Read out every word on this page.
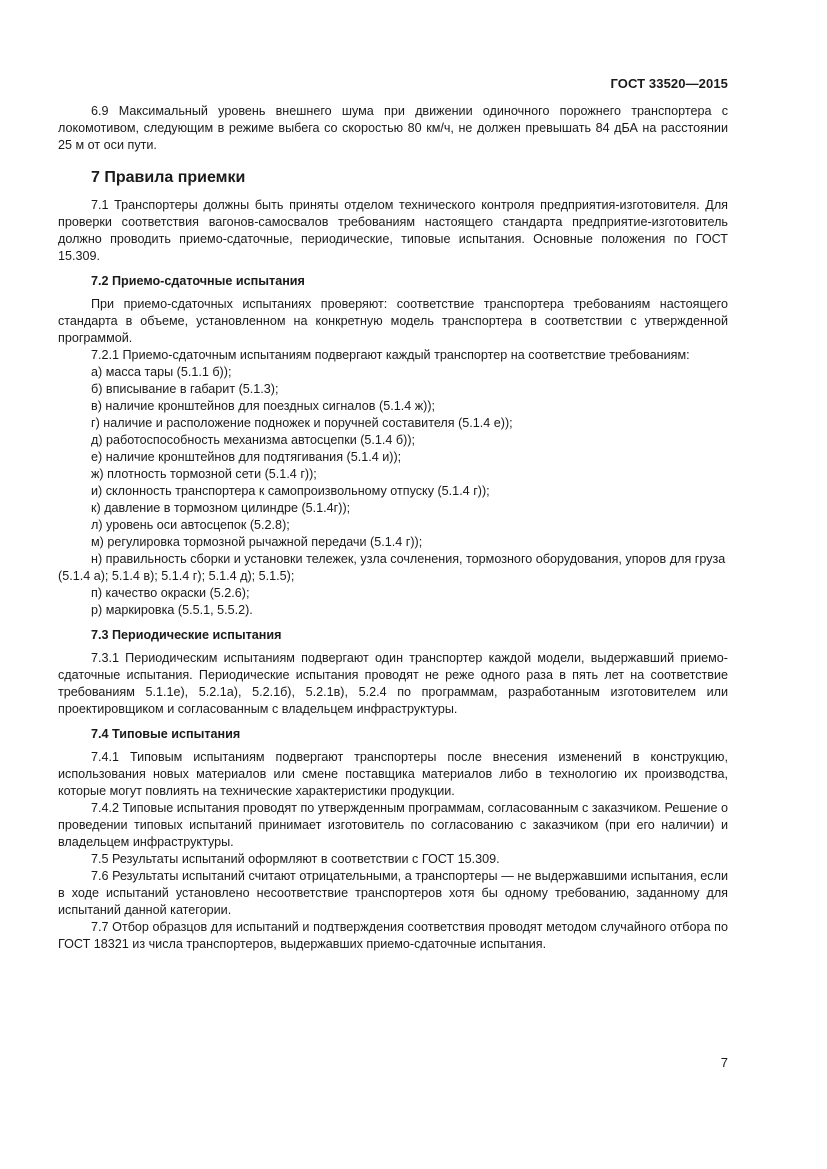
ГОСТ 33520—2015

6.9 Максимальный уровень внешнего шума при движении одиночного порожнего транспортера с локомотивом, следующим в режиме выбега со скоростью 80 км/ч, не должен превышать 84 дБА на расстоянии 25 м от оси пути.

7 Правила приемки

7.1 Транспортеры должны быть приняты отделом технического контроля предприятия-изготовителя. Для проверки соответствия вагонов-самосвалов требованиям настоящего стандарта предприятие-изготовитель должно проводить приемо-сдаточные, периодические, типовые испытания. Основные положения по ГОСТ 15.309.

7.2 Приемо-сдаточные испытания

При приемо-сдаточных испытаниях проверяют: соответствие транспортера требованиям настоящего стандарта в объеме, установленном на конкретную модель транспортера в соответствии с утвержденной программой.

7.2.1 Приемо-сдаточным испытаниям подвергают каждый транспортер на соответствие требованиям:

а) масса тары (5.1.1 б));

б) вписывание в габарит (5.1.3);

в) наличие кронштейнов для поездных сигналов (5.1.4 ж));

г) наличие и расположение подножек и поручней составителя (5.1.4 е));

д) работоспособность механизма автосцепки (5.1.4 б));

е) наличие кронштейнов для подтягивания (5.1.4 и));

ж) плотность тормозной сети (5.1.4 г));

и) склонность транспортера к самопроизвольному отпуску (5.1.4 г));

к) давление в тормозном цилиндре (5.1.4г));

л) уровень оси автосцепок (5.2.8);

м) регулировка тормозной рычажной передачи (5.1.4 г));

н) правильность сборки и установки тележек, узла сочленения, тормозного оборудования, упоров для груза (5.1.4 а); 5.1.4 в); 5.1.4 г); 5.1.4 д); 5.1.5);

п) качество окраски (5.2.6);

р) маркировка (5.5.1, 5.5.2).

7.3 Периодические испытания

7.3.1 Периодическим испытаниям подвергают один транспортер каждой модели, выдержавший приемо-сдаточные испытания. Периодические испытания проводят не реже одного раза в пять лет на соответствие требованиям 5.1.1е), 5.2.1а), 5.2.1б), 5.2.1в), 5.2.4 по программам, разработанным изготовителем или проектировщиком и согласованным с владельцем инфраструктуры.

7.4 Типовые испытания

7.4.1 Типовым испытаниям подвергают транспортеры после внесения изменений в конструкцию, использования новых материалов или смене поставщика материалов либо в технологию их производства, которые могут повлиять на технические характеристики продукции.

7.4.2 Типовые испытания проводят по утвержденным программам, согласованным с заказчиком. Решение о проведении типовых испытаний принимает изготовитель по согласованию с заказчиком (при его наличии) и владельцем инфраструктуры.

7.5 Результаты испытаний оформляют в соответствии с ГОСТ 15.309.

7.6 Результаты испытаний считают отрицательными, а транспортеры — не выдержавшими испытания, если в ходе испытаний установлено несоответствие транспортеров хотя бы одному требованию, заданному для испытаний данной категории.

7.7 Отбор образцов для испытаний и подтверждения соответствия проводят методом случайного отбора по ГОСТ 18321 из числа транспортеров, выдержавших приемо-сдаточные испытания.

7
